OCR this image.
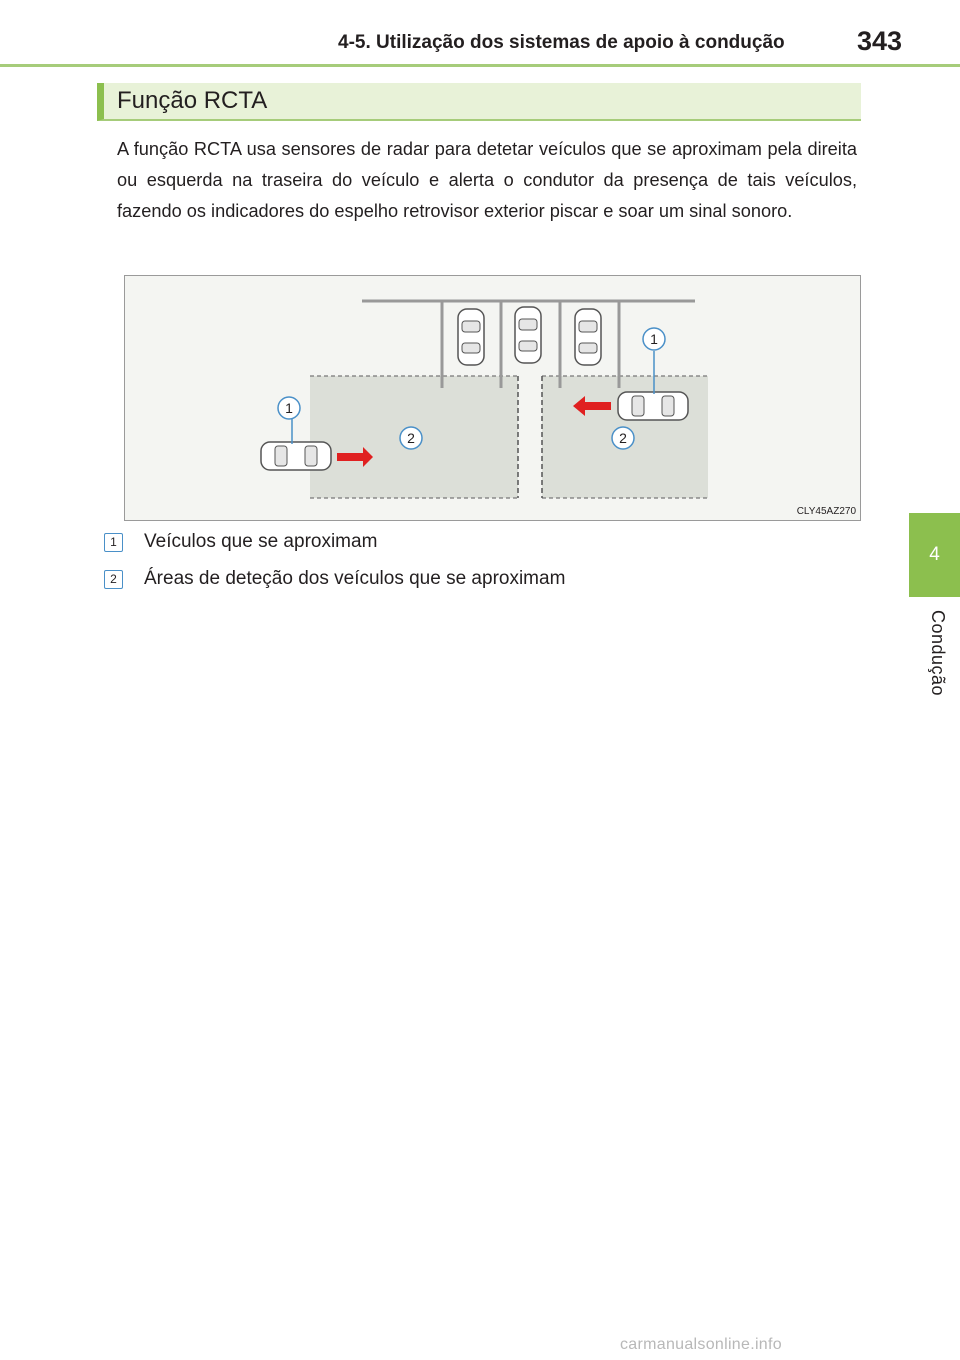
4-5. Utilização dos sistemas de apoio à condução	343
4
Condução
Função RCTA
A função RCTA usa sensores de radar para detetar veículos que se aproximam pela direita ou esquerda na traseira do veículo e alerta o condutor da presença de tais veículos, fazendo os indicadores do espelho retrovisor exterior piscar e soar um sinal sonoro.
1
2
1
2
CLY45AZ270
1	Veículos que se aproximam
2	Áreas de deteção dos veículos que se aproximam
carmanualsonline.info
